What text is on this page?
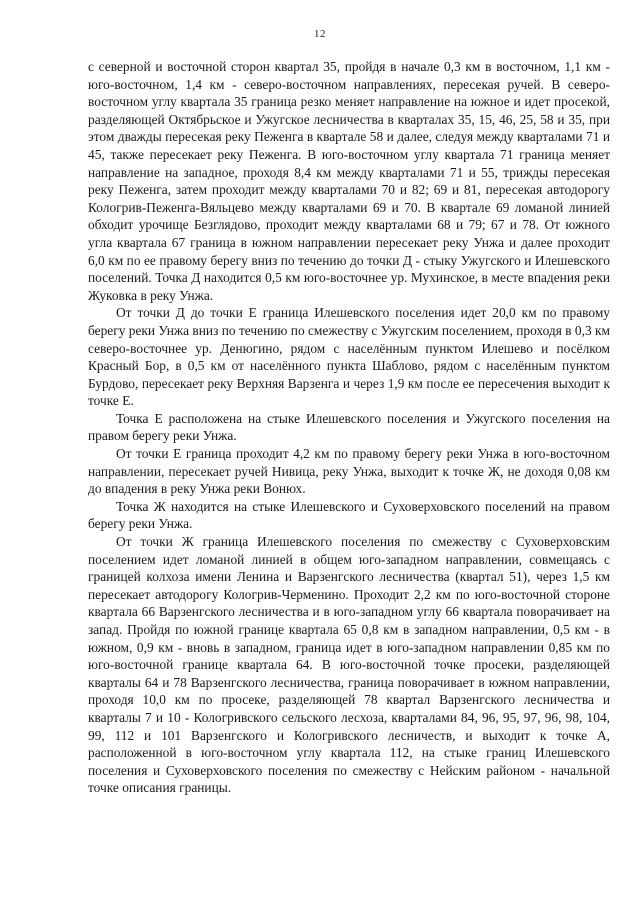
12

с северной и восточной сторон квартал 35, пройдя в начале 0,3 км в восточном, 1,1 км - юго-восточном, 1,4 км - северо-восточном направлениях, пересекая ручей. В северо-восточном углу квартала 35 граница резко меняет направление на южное и идет просекой, разделяющей Октябрьское и Ужугское лесничества в кварталах 35, 15, 46, 25, 58 и 35, при этом дважды пересекая реку Пеженга в квартале 58 и далее, следуя между кварталами 71 и 45, также пересекает реку Пеженга. В юго-восточном углу квартала 71 граница меняет направление на западное, проходя 8,4 км между кварталами 71 и 55, трижды пересекая реку Пеженга, затем проходит между кварталами 70 и 82; 69 и 81, пересекая автодорогу Кологрив-Пеженга-Вяльцево между кварталами 69 и 70. В квартале 69 ломаной линией обходит урочище Безглядово, проходит между кварталами 68 и 79; 67 и 78. От южного угла квартала 67 граница в южном направлении пересекает реку Унжа и далее проходит 6,0 км по ее правому берегу вниз по течению до точки Д - стыку Ужугского и Илешевского поселений. Точка Д находится 0,5 км юго-восточнее ур. Мухинское, в месте впадения реки Жуковка в реку Унжа.

От точки Д до точки Е граница Илешевского поселения идет 20,0 км по правому берегу реки Унжа вниз по течению по смежеству с Ужугским поселением, проходя в 0,3 км северо-восточнее ур. Денюгино, рядом с населённым пунктом Илешево и посёлком Красный Бор, в 0,5 км от населённого пункта Шаблово, рядом с населённым пунктом Бурдово, пересекает реку Верхняя Варзенга и через 1,9 км после ее пересечения выходит к точке Е.

Точка Е расположена на стыке Илешевского поселения и Ужугского поселения на правом берегу реки Унжа.

От точки Е граница проходит 4,2 км по правому берегу реки Унжа в юго-восточном направлении, пересекает ручей Нивица, реку Унжа, выходит к точке Ж, не доходя 0,08 км до впадения в реку Унжа реки Вонюх.

Точка Ж находится на стыке Илешевского и Суховерховского поселений на правом берегу реки Унжа.

От точки Ж граница Илешевского поселения по смежеству с Суховерховским поселением идет ломаной линией в общем юго-западном направлении, совмещаясь с границей колхоза имени Ленина и Варзенгского лесничества (квартал 51), через 1,5 км пересекает автодорогу Кологрив-Черменино. Проходит 2,2 км по юго-восточной стороне квартала 66 Варзенгского лесничества и в юго-западном углу 66 квартала поворачивает на запад. Пройдя по южной границе квартала 65 0,8 км в западном направлении, 0,5 км - в южном, 0,9 км - вновь в западном, граница идет в юго-западном направлении 0,85 км по юго-восточной границе квартала 64. В юго-восточной точке просеки, разделяющей кварталы 64 и 78 Варзенгского лесничества, граница поворачивает в южном направлении, проходя 10,0 км по просеке, разделяющей 78 квартал Варзенгского лесничества и кварталы 7 и 10 - Кологривского сельского лесхоза, кварталами 84, 96, 95, 97, 96, 98, 104, 99, 112 и 101 Варзенгского и Кологривского лесничеств, и выходит к точке А, расположенной в юго-восточном углу квартала 112, на стыке границ Илешевского поселения и Суховерховского поселения по смежеству с Нейским районом - начальной точке описания границы.
